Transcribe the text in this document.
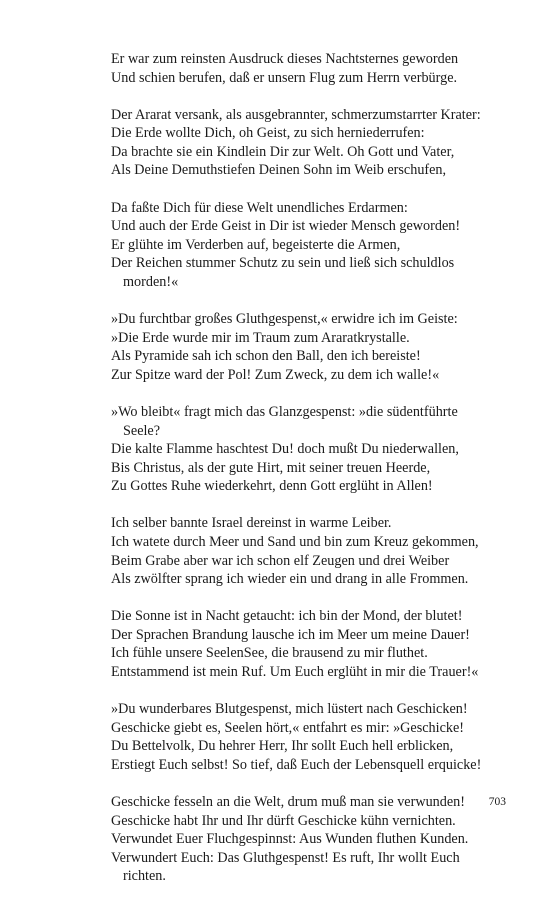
Er war zum reinsten Ausdruck dieses Nachtsternes geworden
Und schien berufen, daß er unsern Flug zum Herrn verbürge.
Der Ararat versank, als ausgebrannter, schmerzumstarrter Krater:
Die Erde wollte Dich, oh Geist, zu sich herniederrufen:
Da brachte sie ein Kindlein Dir zur Welt. Oh Gott und Vater,
Als Deine Demuthstiefen Deinen Sohn im Weib erschufen,
Da faßte Dich für diese Welt unendliches Erdarmen:
Und auch der Erde Geist in Dir ist wieder Mensch geworden!
Er glühte im Verderben auf, begeisterte die Armen,
Der Reichen stummer Schutz zu sein und ließ sich schuldlos
morden!«
»Du furchtbar großes Gluthgespenst,« erwidre ich im Geiste:
»Die Erde wurde mir im Traum zum Araratkrystalle.
Als Pyramide sah ich schon den Ball, den ich bereiste!
Zur Spitze ward der Pol! Zum Zweck, zu dem ich walle!«
»Wo bleibt« fragt mich das Glanzgespenst: »die südentführte
Seele?
Die kalte Flamme haschtest Du! doch mußt Du niederwallen,
Bis Christus, als der gute Hirt, mit seiner treuen Heerde,
Zu Gottes Ruhe wiederkehrt, denn Gott erglüht in Allen!
Ich selber bannte Israel dereinst in warme Leiber.
Ich watete durch Meer und Sand und bin zum Kreuz gekommen,
Beim Grabe aber war ich schon elf Zeugen und drei Weiber
Als zwölfter sprang ich wieder ein und drang in alle Frommen.
Die Sonne ist in Nacht getaucht: ich bin der Mond, der blutet!
Der Sprachen Brandung lausche ich im Meer um meine Dauer!
Ich fühle unsere SeelenSee, die brausend zu mir fluthet.
Entstammend ist mein Ruf. Um Euch erglüht in mir die Trauer!«
»Du wunderbares Blutgespenst, mich lüstert nach Geschicken!
Geschicke giebt es, Seelen hört,« entfahrt es mir: »Geschicke!
Du Bettelvolk, Du hehrer Herr, Ihr sollt Euch hell erblicken,
Erstiegt Euch selbst! So tief, daß Euch der Lebensquell erquicke!
Geschicke fesseln an die Welt, drum muß man sie verwunden!
Geschicke habt Ihr und Ihr dürft Geschicke kühn vernichten.
Verwundet Euer Fluchgespinnst: Aus Wunden fluthen Kunden.
Verwundert Euch: Das Gluthgespenst! Es ruft, Ihr wollt Euch
richten.
703
